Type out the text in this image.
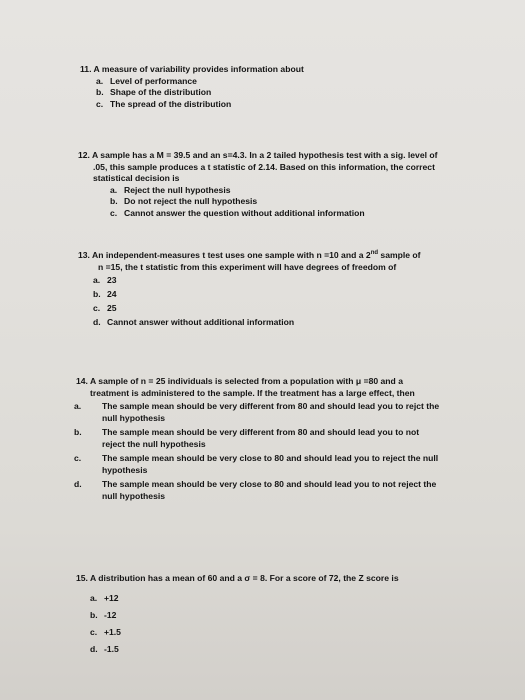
11. A measure of variability provides information about

a. Level of performance
b. Shape of the distribution
c. The spread of the distribution

12. A sample has a M = 39.5 and an s=4.3. In a 2 tailed hypothesis test with a sig. level of
.05, this sample produces a t statistic of 2.14. Based on this information, the correct
statistical decision is

a. Reject the null hypothesis
b. Do not reject the null hypothesis
c. Cannot answer the question without additional information

13. An independent-measures t test uses one sample with n =10 and a 2nd sample of
n =15, the t statistic from this experiment will have degrees of freedom of

a. 23
b. 24
c. 25
d. Cannot answer without additional information

14. A sample of n = 25 individuals is selected from a population with μ =80 and a
treatment is administered to the sample. If the treatment has a large effect, then

a. The sample mean should be very different from 80 and should lead you to rejct the
null hypothesis
b. The sample mean should be very different from 80 and should lead you to not
reject the null hypothesis
c. The sample mean should be very close to 80 and should lead you to reject the null
hypothesis
d. The sample mean should be very close to 80 and should lead you to not reject the
null hypothesis

15. A distribution has a mean of 60 and a σ = 8. For a score of 72, the Z score is

a. +12
b. -12
c. +1.5
d. -1.5
